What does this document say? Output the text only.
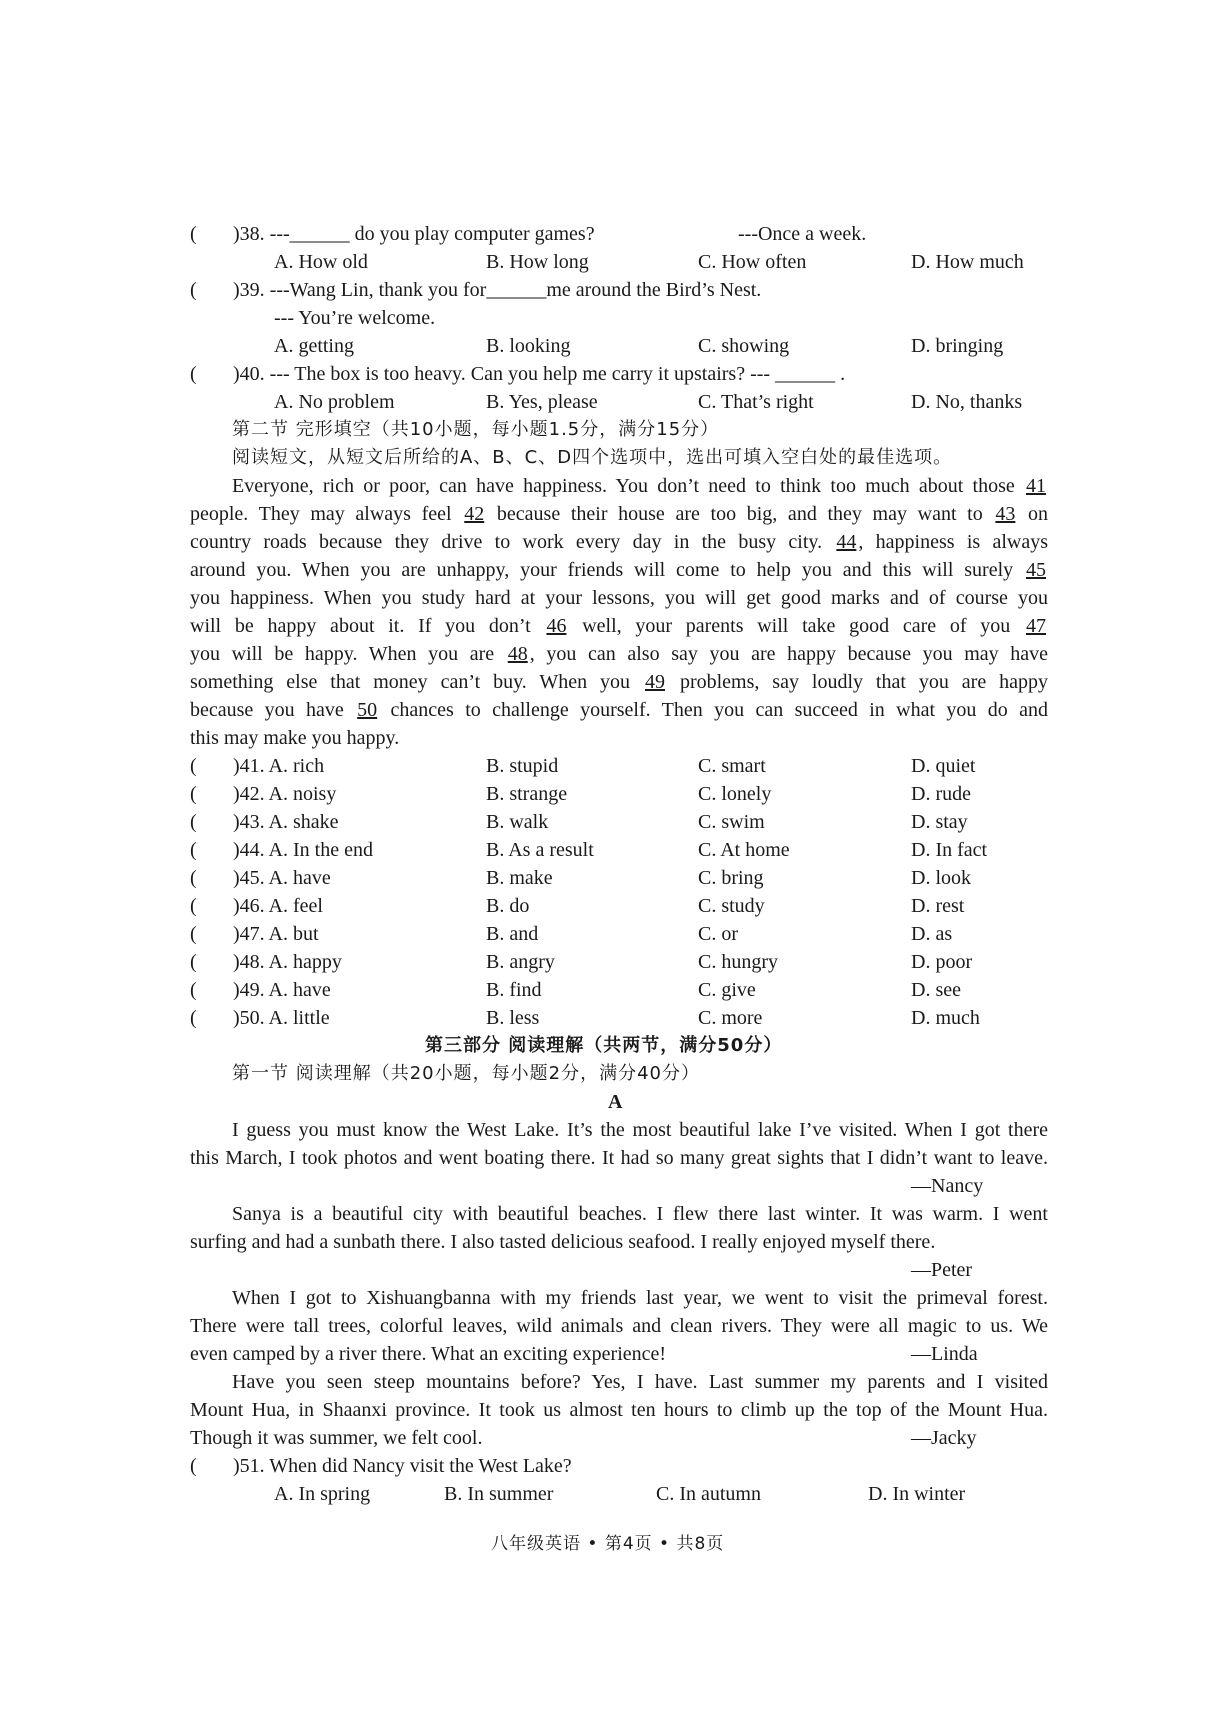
( )38. ---______ do you play computer games?	---Once a week.
A. How old	B. How long	C. How often	D. How much
( )39. ---Wang Lin, thank you for______me around the Bird’s Nest.
--- You’re welcome.
A. getting	B. looking	C. showing	D. bringing
( )40. --- The box is too heavy. Can you help me carry it upstairs? --- ______ .
A. No problem	B. Yes, please	C. That’s right	D. No, thanks
第二节 完形填空（共10小题，每小题1.5分，满分15分）
阅读短文，从短文后所给的A、B、C、D四个选项中，选出可填入空白处的最佳选项。
Everyone, rich or poor, can have happiness. You don’t need to think too much about those 41
people. They may always feel 42 because their house are too big, and they may want to 43 on
country roads because they drive to work every day in the busy city. 44 , happiness is always
around you. When you are unhappy, your friends will come to help you and this will surely 45
you happiness. When you study hard at your lessons, you will get good marks and of course you
will be happy about it. If you don’t 46 well, your parents will take good care of you 47
you will be happy. When you are 48 , you can also say you are happy because you may have
something else that money can’t buy. When you 49 problems, say loudly that you are happy
because you have 50 chances to challenge yourself. Then you can succeed in what you do and
this may make you happy.
( )41. A. rich	B. stupid	C. smart	D. quiet
( )42. A. noisy	B. strange	C. lonely	D. rude
( )43. A. shake	B. walk	C. swim	D. stay
( )44. A. In the end	B. As a result	C. At home	D. In fact
( )45. A. have	B. make	C. bring	D. look
( )46. A. feel	B. do	C. study	D. rest
( )47. A. but	B. and	C. or	D. as
( )48. A. happy	B. angry	C. hungry	D. poor
( )49. A. have	B. find	C. give	D. see
( )50. A. little	B. less	C. more	D. much
第三部分 阅读理解（共两节，满分50分）
第一节 阅读理解（共20小题，每小题2分，满分40分）
A
I guess you must know the West Lake. It’s the most beautiful lake I’ve visited. When I got there
this March, I took photos and went boating there. It had so many great sights that I didn’t want to leave.
—Nancy
Sanya is a beautiful city with beautiful beaches. I flew there last winter. It was warm. I went
surfing and had a sunbath there. I also tasted delicious seafood. I really enjoyed myself there.
—Peter
When I got to Xishuangbanna with my friends last year, we went to visit the primeval forest.
There were tall trees, colorful leaves, wild animals and clean rivers. They were all magic to us. We
even camped by a river there. What an exciting experience!	—Linda
Have you seen steep mountains before? Yes, I have. Last summer my parents and I visited
Mount Hua, in Shaanxi province. It took us almost ten hours to climb up the top of the Mount Hua.
Though it was summer, we felt cool.	—Jacky
( )51. When did Nancy visit the West Lake?
A. In spring	B. In summer	C. In autumn	D. In winter
八年级英语 • 第4页 • 共8页
